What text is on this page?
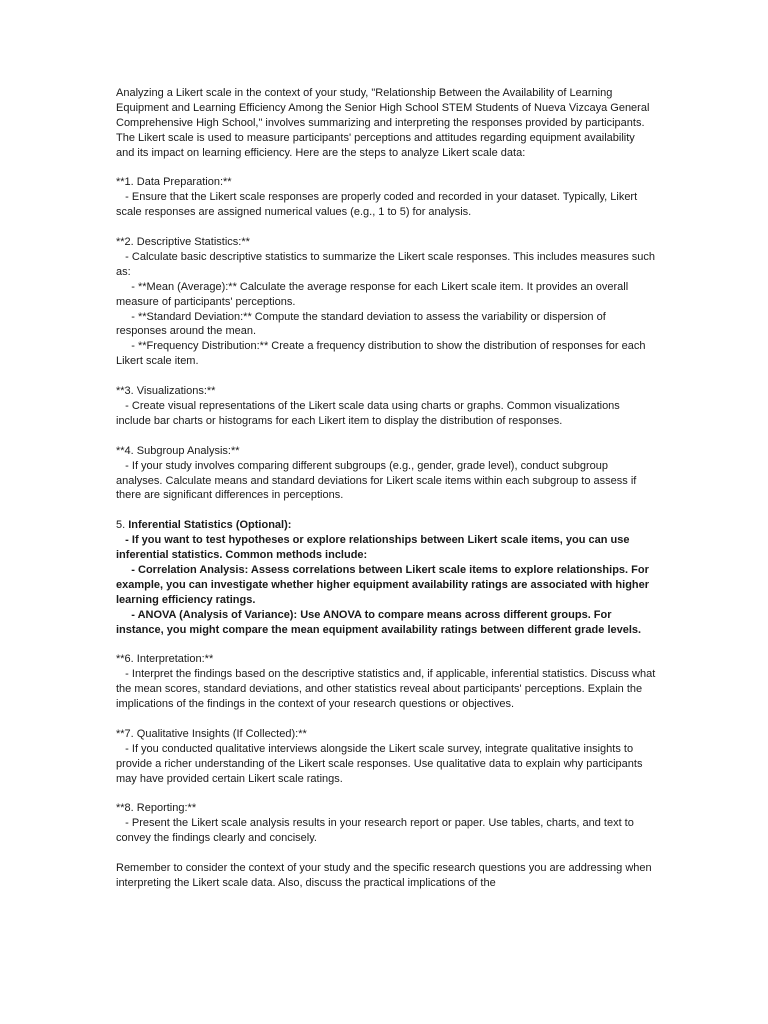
Analyzing a Likert scale in the context of your study, "Relationship Between the Availability of Learning Equipment and Learning Efficiency Among the Senior High School STEM Students of Nueva Vizcaya General Comprehensive High School," involves summarizing and interpreting the responses provided by participants. The Likert scale is used to measure participants' perceptions and attitudes regarding equipment availability and its impact on learning efficiency. Here are the steps to analyze Likert scale data:

**1. Data Preparation:**

- Ensure that the Likert scale responses are properly coded and recorded in your dataset. Typically, Likert scale responses are assigned numerical values (e.g., 1 to 5) for analysis.

**2. Descriptive Statistics:**

- Calculate basic descriptive statistics to summarize the Likert scale responses. This includes measures such as:

- **Mean (Average):** Calculate the average response for each Likert scale item. It provides an overall measure of participants' perceptions.

- **Standard Deviation:** Compute the standard deviation to assess the variability or dispersion of responses around the mean.

- **Frequency Distribution:** Create a frequency distribution to show the distribution of responses for each Likert scale item.

**3. Visualizations:**

- Create visual representations of the Likert scale data using charts or graphs. Common visualizations include bar charts or histograms for each Likert item to display the distribution of responses.

**4. Subgroup Analysis:**

- If your study involves comparing different subgroups (e.g., gender, grade level), conduct subgroup analyses. Calculate means and standard deviations for Likert scale items within each subgroup to assess if there are significant differences in perceptions.

5. Inferential Statistics (Optional):

- If you want to test hypotheses or explore relationships between Likert scale items, you can use inferential statistics. Common methods include:

- Correlation Analysis: Assess correlations between Likert scale items to explore relationships. For example, you can investigate whether higher equipment availability ratings are associated with higher learning efficiency ratings.

- ANOVA (Analysis of Variance): Use ANOVA to compare means across different groups. For instance, you might compare the mean equipment availability ratings between different grade levels.

**6. Interpretation:**

- Interpret the findings based on the descriptive statistics and, if applicable, inferential statistics. Discuss what the mean scores, standard deviations, and other statistics reveal about participants' perceptions. Explain the implications of the findings in the context of your research questions or objectives.

**7. Qualitative Insights (If Collected):**

- If you conducted qualitative interviews alongside the Likert scale survey, integrate qualitative insights to provide a richer understanding of the Likert scale responses. Use qualitative data to explain why participants may have provided certain Likert scale ratings.

**8. Reporting:**

- Present the Likert scale analysis results in your research report or paper. Use tables, charts, and text to convey the findings clearly and concisely.

Remember to consider the context of your study and the specific research questions you are addressing when interpreting the Likert scale data. Also, discuss the practical implications of the
